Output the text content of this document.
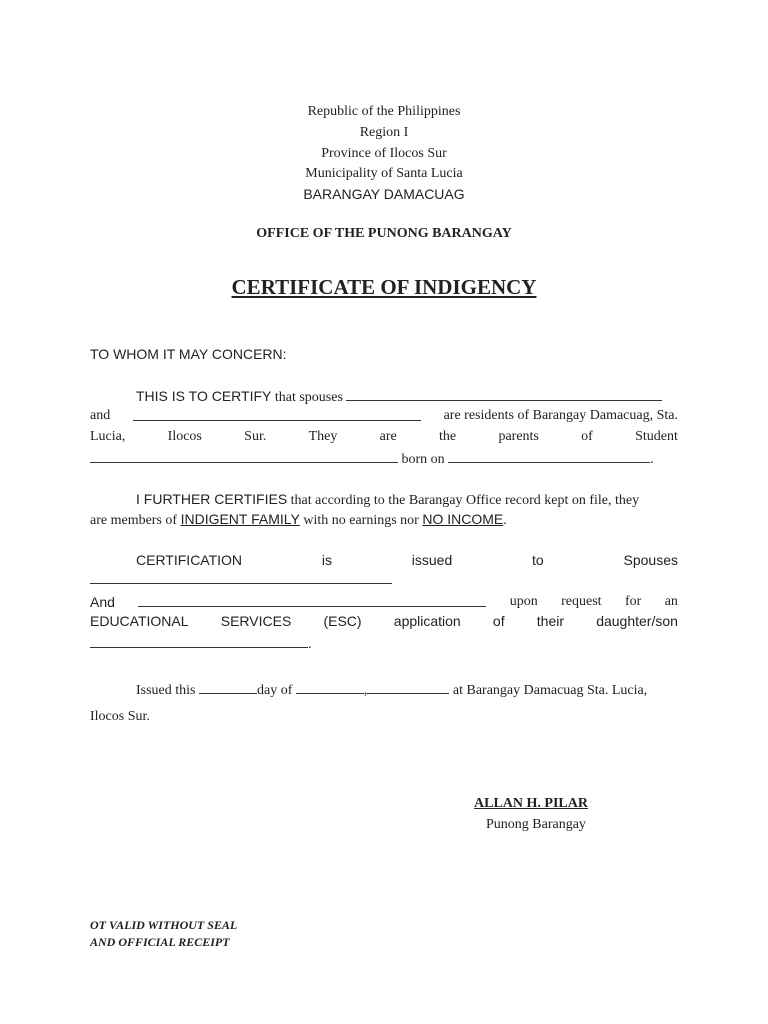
Republic of the Philippines
Region I
Province of Ilocos Sur
Municipality of Santa Lucia
BARANGAY DAMACUAG
OFFICE OF THE PUNONG BARANGAY
CERTIFICATE OF INDIGENCY
TO WHOM IT MAY CONCERN:
THIS IS TO CERTIFY that spouses
and	are residents of Barangay Damacuag, Sta.
Lucia,	Ilocos	Sur.	They	are	the	parents	of	Student
born on	.
I FURTHER CERTIFIES that according to the Barangay Office record kept on file, they
are members of INDIGENT FAMILY with no earnings nor NO INCOME.
CERTIFICATION	is	issued	to	Spouses
And	upon request for an
EDUCATIONAL SERVICES (ESC) application of their daughter/son
.
Issued this	day of	,	at Barangay Damacuag Sta. Lucia,
Ilocos Sur.
ALLAN H. PILAR
Punong Barangay
OT VALID WITHOUT SEAL
AND OFFICIAL RECEIPT
